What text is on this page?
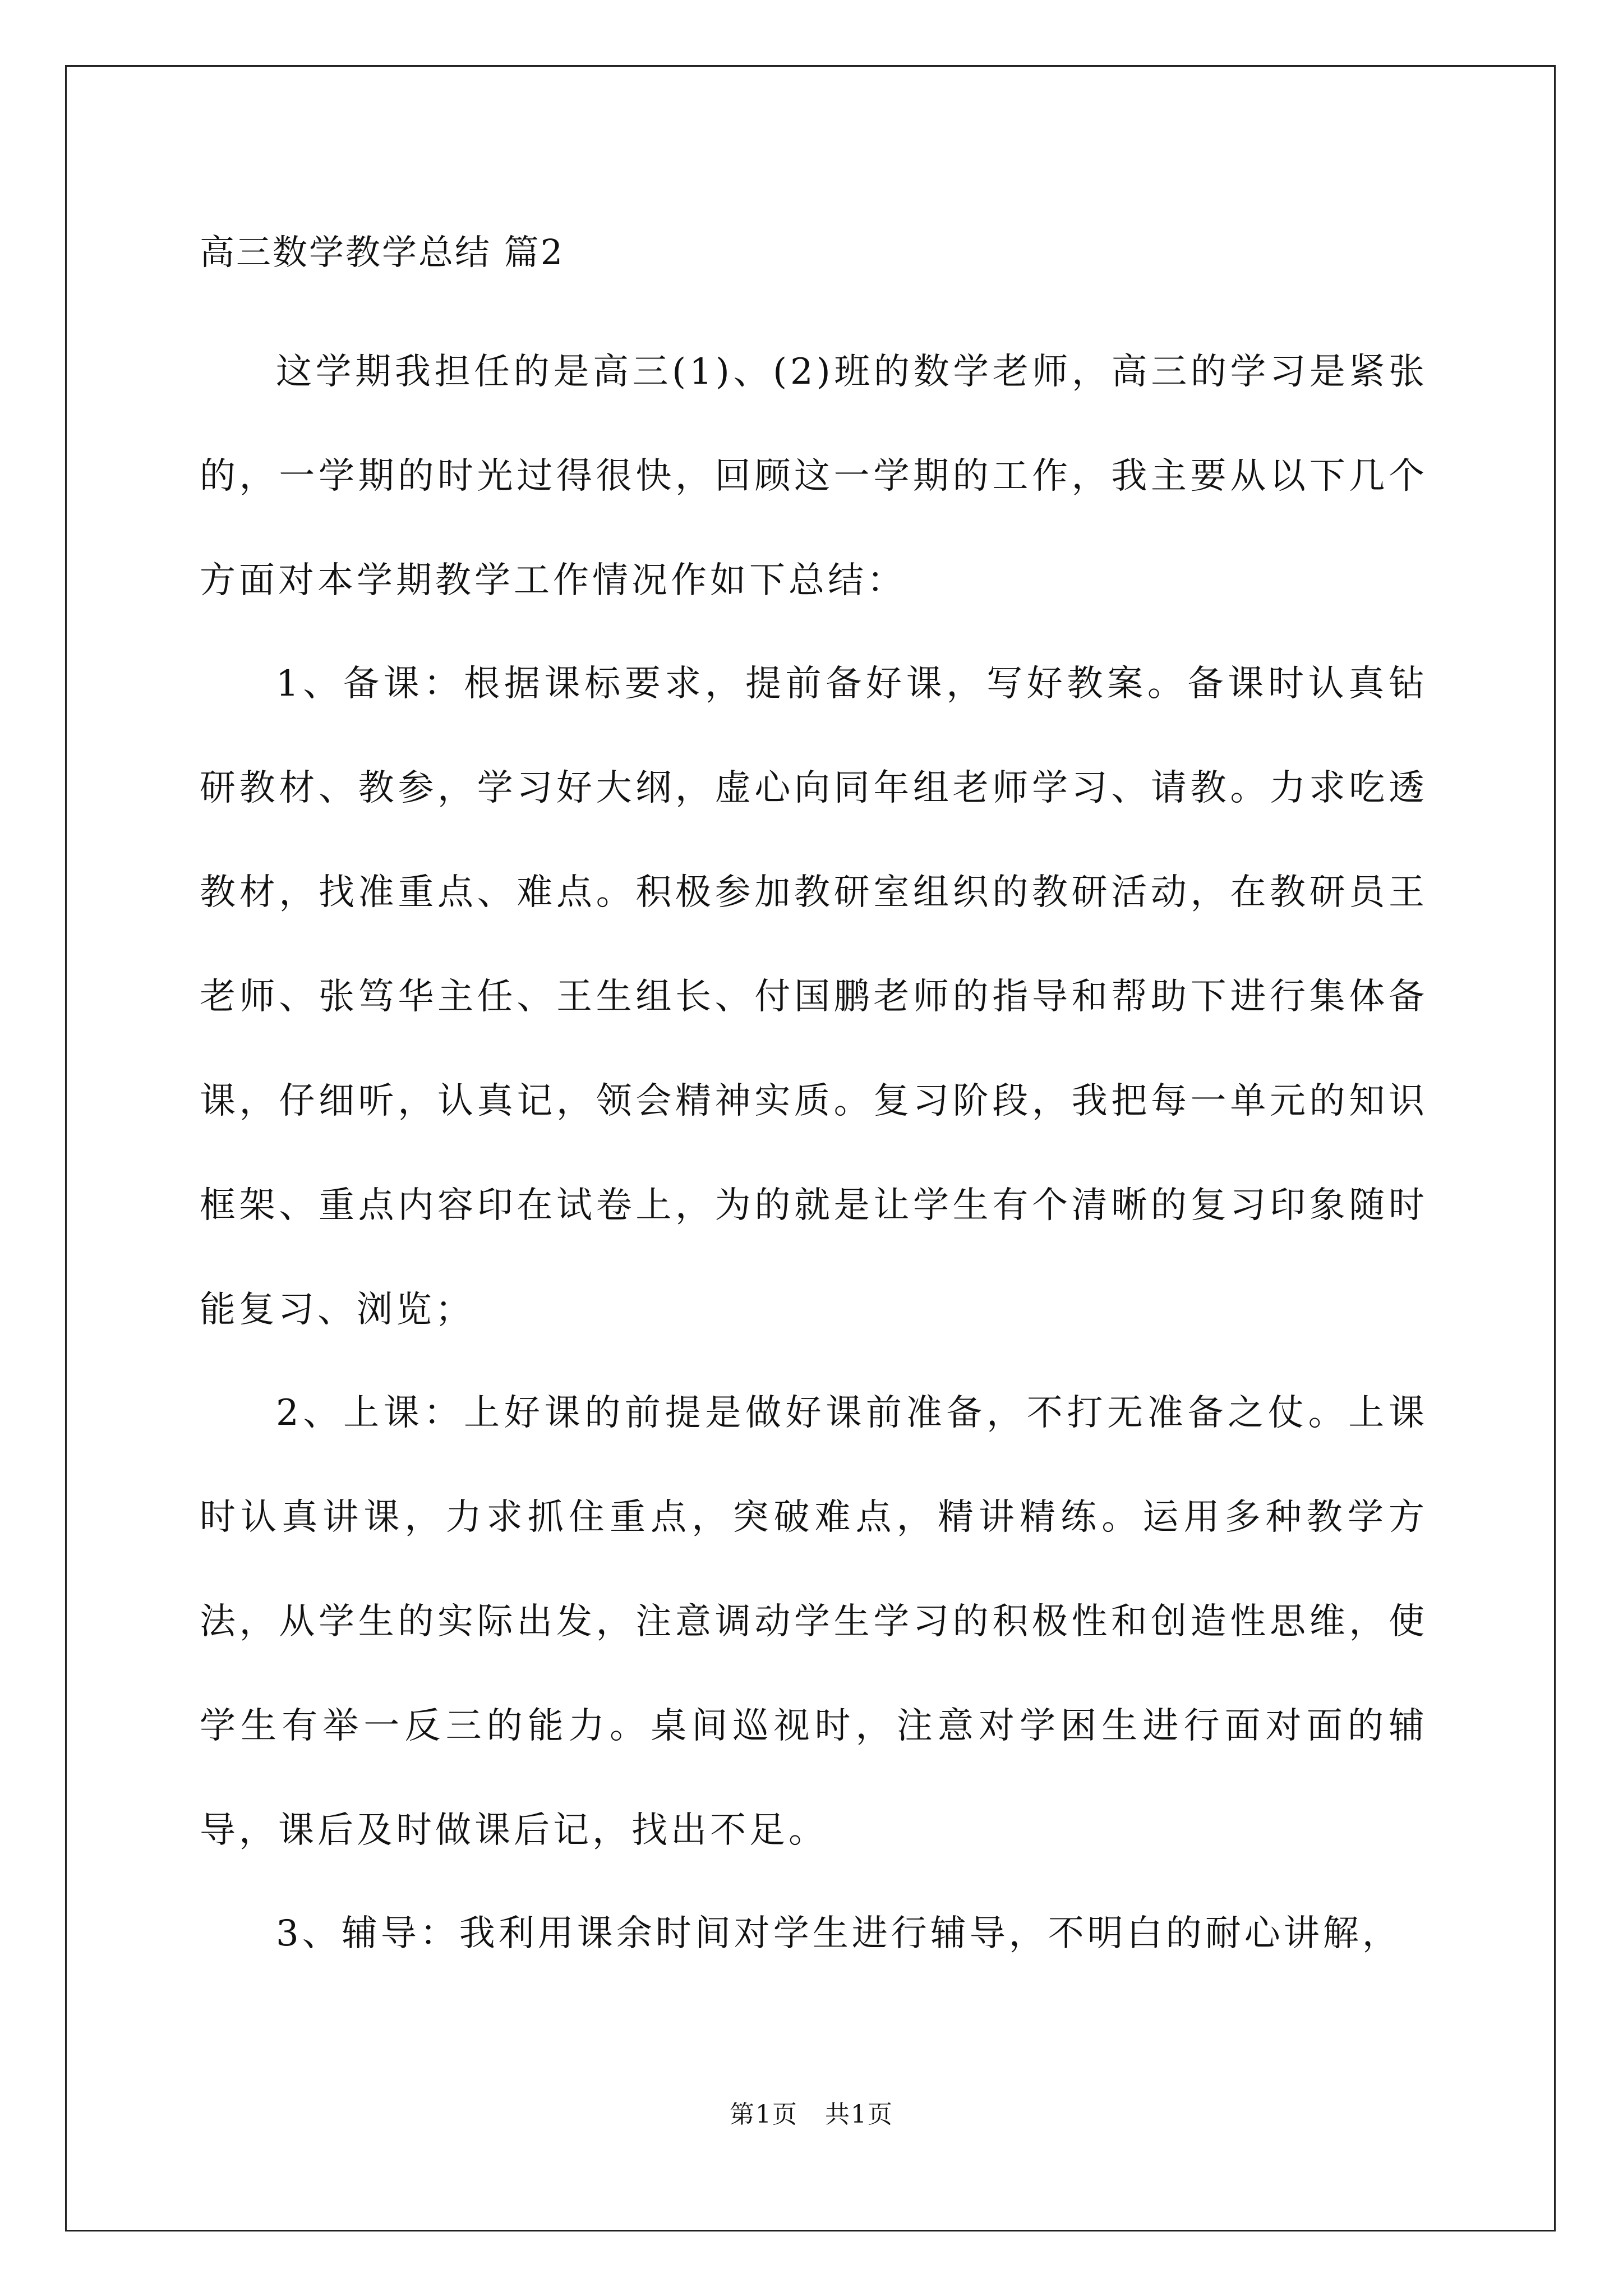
高三数学教学总结 篇2

这学期我担任的是高三(1)、(2)班的数学老师，高三的学习是紧张的，一学期的时光过得很快，回顾这一学期的工作，我主要从以下几个方面对本学期教学工作情况作如下总结：

1、备课：根据课标要求，提前备好课，写好教案。备课时认真钻研教材、教参，学习好大纲，虚心向同年组老师学习、请教。力求吃透教材，找准重点、难点。积极参加教研室组织的教研活动，在教研员王老师、张笃华主任、王生组长、付国鹏老师的指导和帮助下进行集体备课，仔细听，认真记，领会精神实质。复习阶段，我把每一单元的知识框架、重点内容印在试卷上，为的就是让学生有个清晰的复习印象随时能复习、浏览；

2、上课：上好课的前提是做好课前准备，不打无准备之仗。上课时认真讲课，力求抓住重点，突破难点，精讲精练。运用多种教学方法，从学生的实际出发，注意调动学生学习的积极性和创造性思维，使学生有举一反三的能力。桌间巡视时，注意对学困生进行面对面的辅导，课后及时做课后记，找出不足。

3、辅导：我利用课余时间对学生进行辅导，不明白的耐心讲解，

第1页 共1页
